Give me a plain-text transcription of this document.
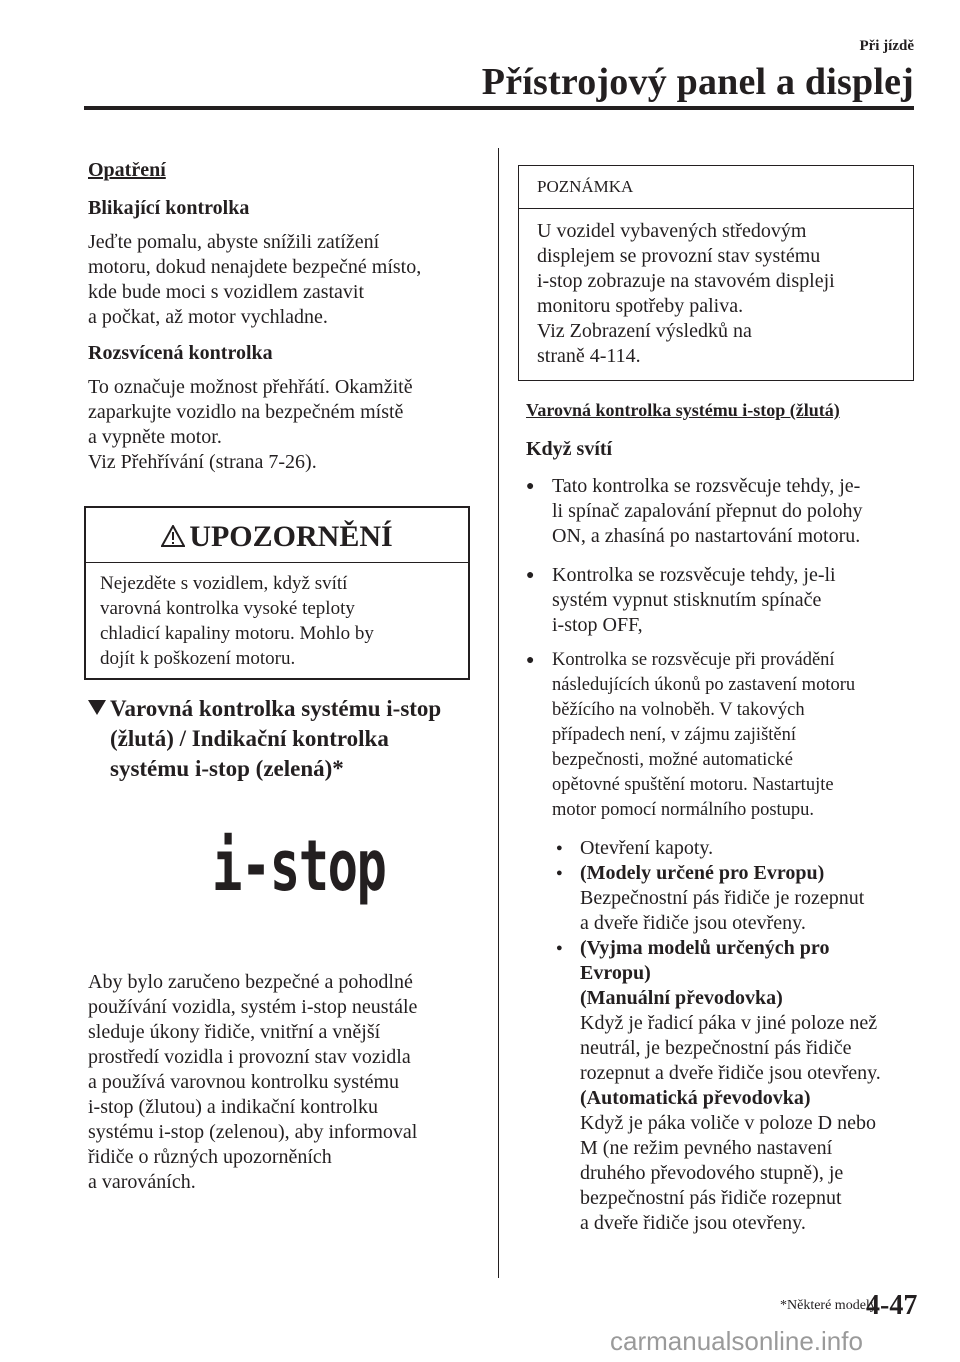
Při jízdě
Přístrojový panel a displej

Opatření

Blikající kontrolka

Jeďte pomalu, abyste snížili zatížení

motoru, dokud nenajdete bezpečné místo,

kde bude moci s vozidlem zastavit

a počkat, až motor vychladne.

Rozsvícená kontrolka

To označuje možnost přehřátí. Okamžitě

zaparkujte vozidlo na bezpečném místě

a vypněte motor.

Viz Přehřívání (strana 7-26).

UPOZORNĚNÍ
Nejezděte s vozidlem, když svítí
varovná kontrolka vysoké teploty
chladicí kapaliny motoru. Mohlo by
dojít k poškození motoru.
Varovná kontrolka systému i-stop
(žlutá) / Indikační kontrolka
systému i-stop (zelená)*
i-stop

Aby bylo zaručeno bezpečné a pohodlné

používání vozidla, systém i-stop neustále

sleduje úkony řidiče, vnitřní a vnější

prostředí vozidla i provozní stav vozidla

a používá varovnou kontrolku systému

i-stop (žlutou) a indikační kontrolku

systému i-stop (zelenou), aby informoval

řidiče o různých upozorněních

a varováních.

POZNÁMKA
U vozidel vybavených středovým
displejem se provozní stav systému
i-stop zobrazuje na stavovém displeji
monitoru spotřeby paliva.
Viz Zobrazení výsledků na
straně 4-114.

Varovná kontrolka systému i-stop (žlutá)

Když svítí

● Tato kontrolka se rozsvěcuje tehdy, je-

li spínač zapalování přepnut do polohy

ON, a zhasíná po nastartování motoru.

● Kontrolka se rozsvěcuje tehdy, je-li

systém vypnut stisknutím spínače

i-stop OFF,

● Kontrolka se rozsvěcuje při provádění

následujících úkonů po zastavení motoru

běžícího na volnoběh. V takových

případech není, v zájmu zajištění

bezpečnosti, možné automatické

opětovné spuštění motoru. Nastartujte

motor pomocí normálního postupu.

● Otevření kapoty.

● (Modely určené pro Evropu)

Bezpečnostní pás řidiče je rozepnut

a dveře řidiče jsou otevřeny.

● (Vyjma modelů určených pro

Evropu)

(Manuální převodovka)

Když je řadicí páka v jiné poloze než

neutrál, je bezpečnostní pás řidiče

rozepnut a dveře řidiče jsou otevřeny.

(Automatická převodovka)

Když je páka voliče v poloze D nebo

M (ne režim pevného nastavení

druhého převodového stupně), je

bezpečnostní pás řidiče rozepnut

a dveře řidiče jsou otevřeny.

*Některé modely.
4-47
carmanualsonline.info
